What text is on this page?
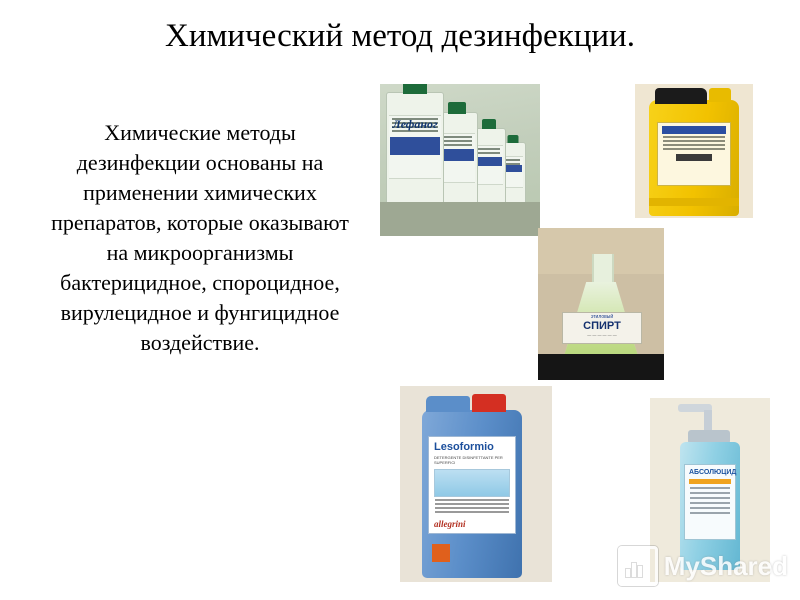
Химический метод дезинфекции.
Химические методы дезинфекции основаны на применении химических препаратов, которые оказывают на микроорганизмы бактерицидное, спороцидное, вирулецидное и фунгицидное воздействие.
Лефаног
этиловый
СПИРТ
— — — — — —
Lesoformio
DETERGENTE DISINFETTANTE PER SUPERFICI
allegrini
АБСОЛЮЦИД
MyShared
